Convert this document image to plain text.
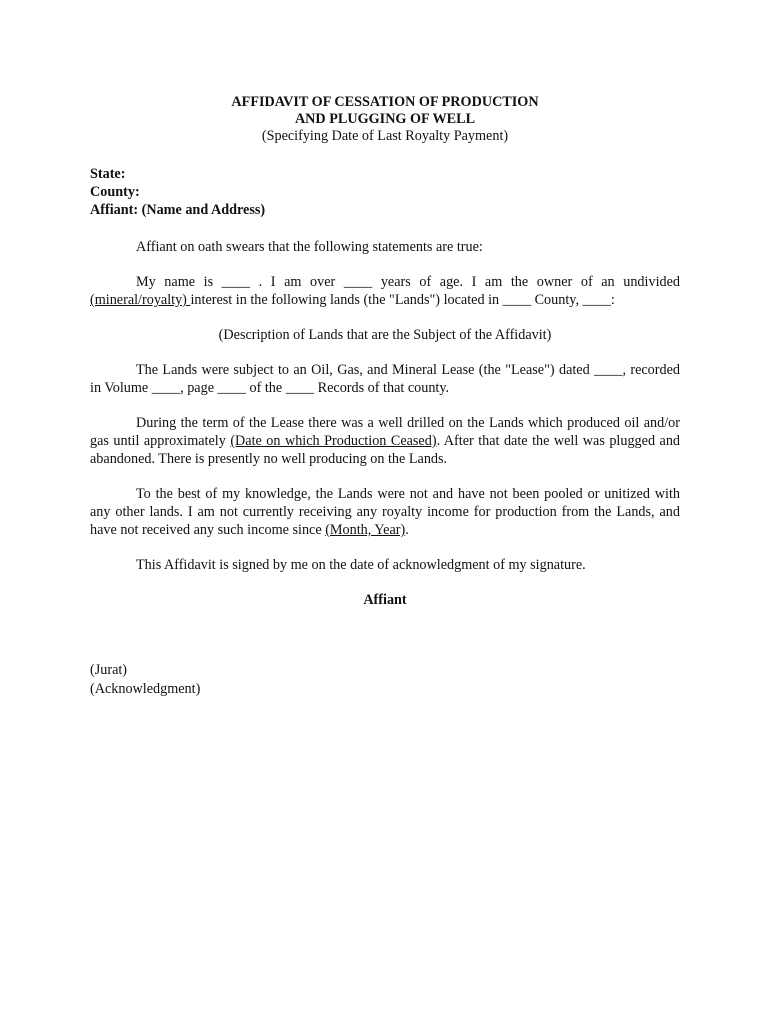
AFFIDAVIT OF CESSATION OF PRODUCTION
AND PLUGGING OF WELL
(Specifying Date of Last Royalty Payment)
State:
County:
Affiant: (Name and Address)

Affiant on oath swears that the following statements are true:

My name is ____ . I am over ____ years of age. I am the owner of an undivided (mineral/royalty) interest in the following lands (the "Lands") located in ____ County, ____:

(Description of Lands that are the Subject of the Affidavit)

The Lands were subject to an Oil, Gas, and Mineral Lease (the "Lease") dated ____, recorded in Volume ____, page ____ of the ____ Records of that county.

During the term of the Lease there was a well drilled on the Lands which produced oil and/or gas until approximately (Date on which Production Ceased). After that date the well was plugged and abandoned. There is presently no well producing on the Lands.

To the best of my knowledge, the Lands were not and have not been pooled or unitized with any other lands. I am not currently receiving any royalty income for production from the Lands, and have not received any such income since (Month, Year).

This Affidavit is signed by me on the date of acknowledgment of my signature.

Affiant
(Jurat)
(Acknowledgment)
